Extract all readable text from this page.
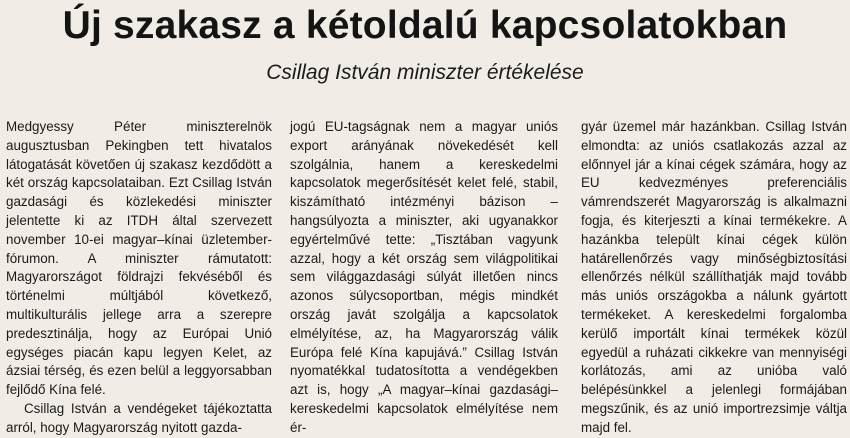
Új szakasz a kétoldalú kapcsolatokban
Csillag István miniszter értékelése

Medgyessy Péter miniszterelnök augusztusban Pekingben tett hivatalos látogatását követően új szakasz kezdődött a két ország kapcsolataiban. Ezt Csillag István gazdasági és közlekedési miniszter jelentette ki az ITDH által szervezett november 10-ei magyar–kínai üzletember-fórumon. A miniszter rámutatott: Magyarországot földrajzi fekvéséből és történelmi múltjából következő, multikulturális jellege arra a szerepre predesztinálja, hogy az Európai Unió egységes piacán kapu legyen Kelet, az ázsiai térség, és ezen belül a leggyorsabban fejlődő Kína felé.

Csillag István a vendégeket tájékoztatta arról, hogy Magyarország nyitott gazda-

jogú EU-tagságnak nem a magyar uniós export arányának növekedését kell szolgálnia, hanem a kereskedelmi kapcsolatok megerősítését kelet felé, stabil, kiszámítható intézményi bázison – hangsúlyozta a miniszter, aki ugyanakkor egyértelművé tette: „Tisztában vagyunk azzal, hogy a két ország sem világpolitikai sem világgazdasági súlyát illetően nincs azonos súlycsoportban, mégis mindkét ország javát szolgálja a kapcsolatok elmélyítése, az, ha Magyarország válik Európa felé Kína kapujává.” Csillag István nyomatékkal tudatosította a vendégekben azt is, hogy „A magyar–kínai gazdasági–kereskedelmi kapcsolatok elmélyítése nem ér-

gyár üzemel már hazánkban. Csillag István elmondta: az uniós csatlakozás azzal az előnnyel jár a kínai cégek számára, hogy az EU kedvezményes preferenciális vámrendszerét Magyarország is alkalmazni fogja, és kiterjeszti a kínai termékekre. A hazánkba települt kínai cégek külön határellenőrzés vagy minőségbiztosítási ellenőrzés nélkül szállíthatják majd tovább más uniós országokba a nálunk gyártott termékeket. A kereskedelmi forgalomba kerülő importált kínai termékek közül egyedül a ruházati cikkekre van mennyiségi korlátozás, ami az unióba való belépésünkkel a jelenlegi formájában megszűnik, és az unió importrezsimje váltja majd fel.
